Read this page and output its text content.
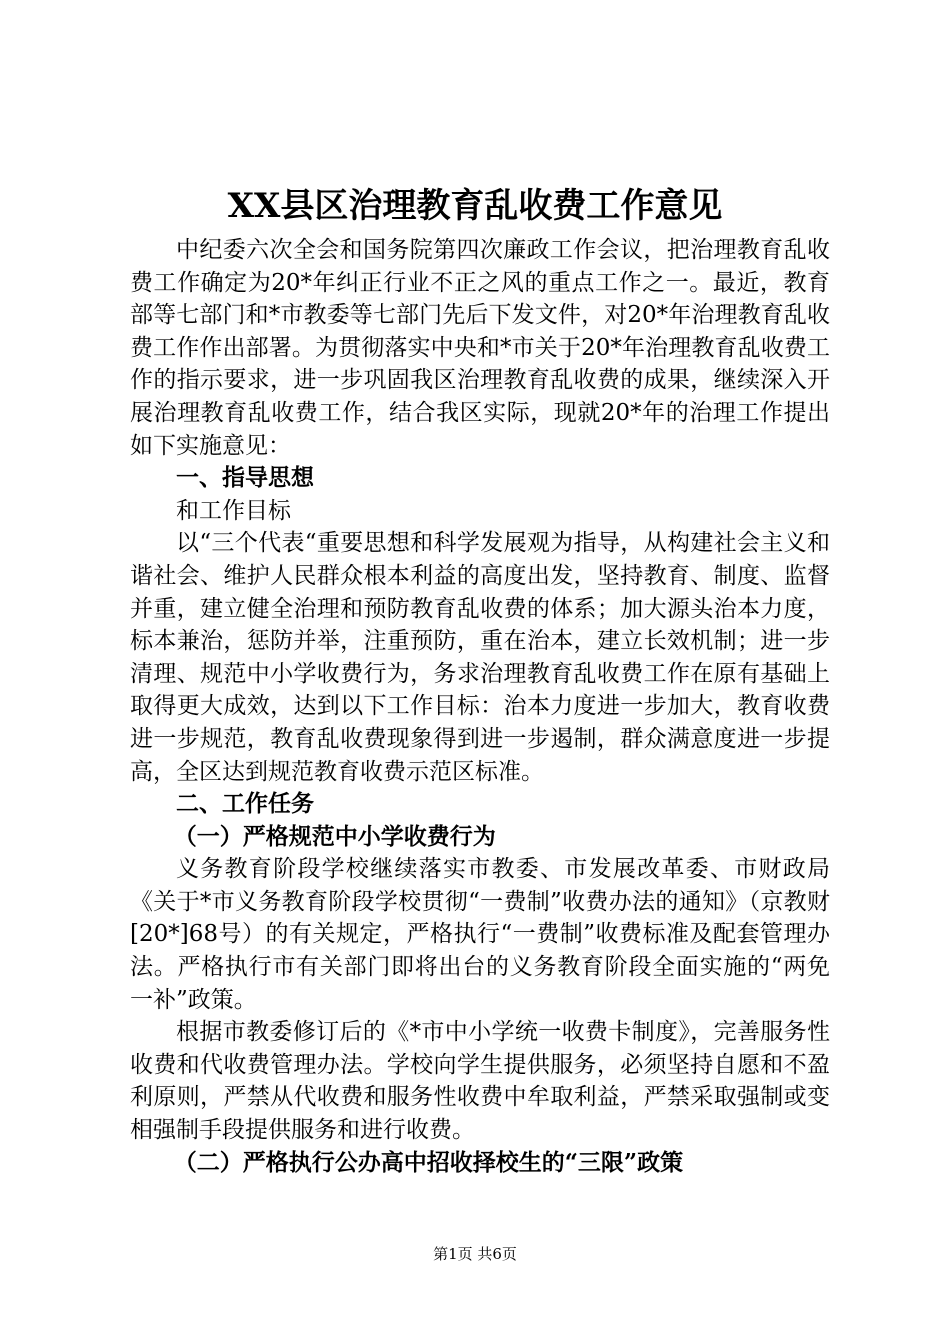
XX县区治理教育乱收费工作意见

中纪委六次全会和国务院第四次廉政工作会议，把治理教育乱收费工作确定为20*年纠正行业不正之风的重点工作之一。最近，教育部等七部门和*市教委等七部门先后下发文件，对20*年治理教育乱收费工作作出部署。为贯彻落实中央和*市关于20*年治理教育乱收费工作的指示要求，进一步巩固我区治理教育乱收费的成果，继续深入开展治理教育乱收费工作，结合我区实际，现就20*年的治理工作提出如下实施意见：

一、指导思想

和工作目标

以“三个代表“重要思想和科学发展观为指导，从构建社会主义和谐社会、维护人民群众根本利益的高度出发，坚持教育、制度、监督并重，建立健全治理和预防教育乱收费的体系；加大源头治本力度，标本兼治，惩防并举，注重预防，重在治本，建立长效机制；进一步清理、规范中小学收费行为，务求治理教育乱收费工作在原有基础上取得更大成效，达到以下工作目标：治本力度进一步加大，教育收费进一步规范，教育乱收费现象得到进一步遏制，群众满意度进一步提高，全区达到规范教育收费示范区标准。

二、工作任务

（一）严格规范中小学收费行为

义务教育阶段学校继续落实市教委、市发展改革委、市财政局《关于*市义务教育阶段学校贯彻“一费制”收费办法的通知》（京教财[20*]68号）的有关规定，严格执行“一费制”收费标准及配套管理办法。严格执行市有关部门即将出台的义务教育阶段全面实施的“两免一补”政策。

根据市教委修订后的《*市中小学统一收费卡制度》，完善服务性收费和代收费管理办法。学校向学生提供服务，必须坚持自愿和不盈利原则，严禁从代收费和服务性收费中牟取利益，严禁采取强制或变相强制手段提供服务和进行收费。

（二）严格执行公办高中招收择校生的“三限”政策

第1页 共6页
